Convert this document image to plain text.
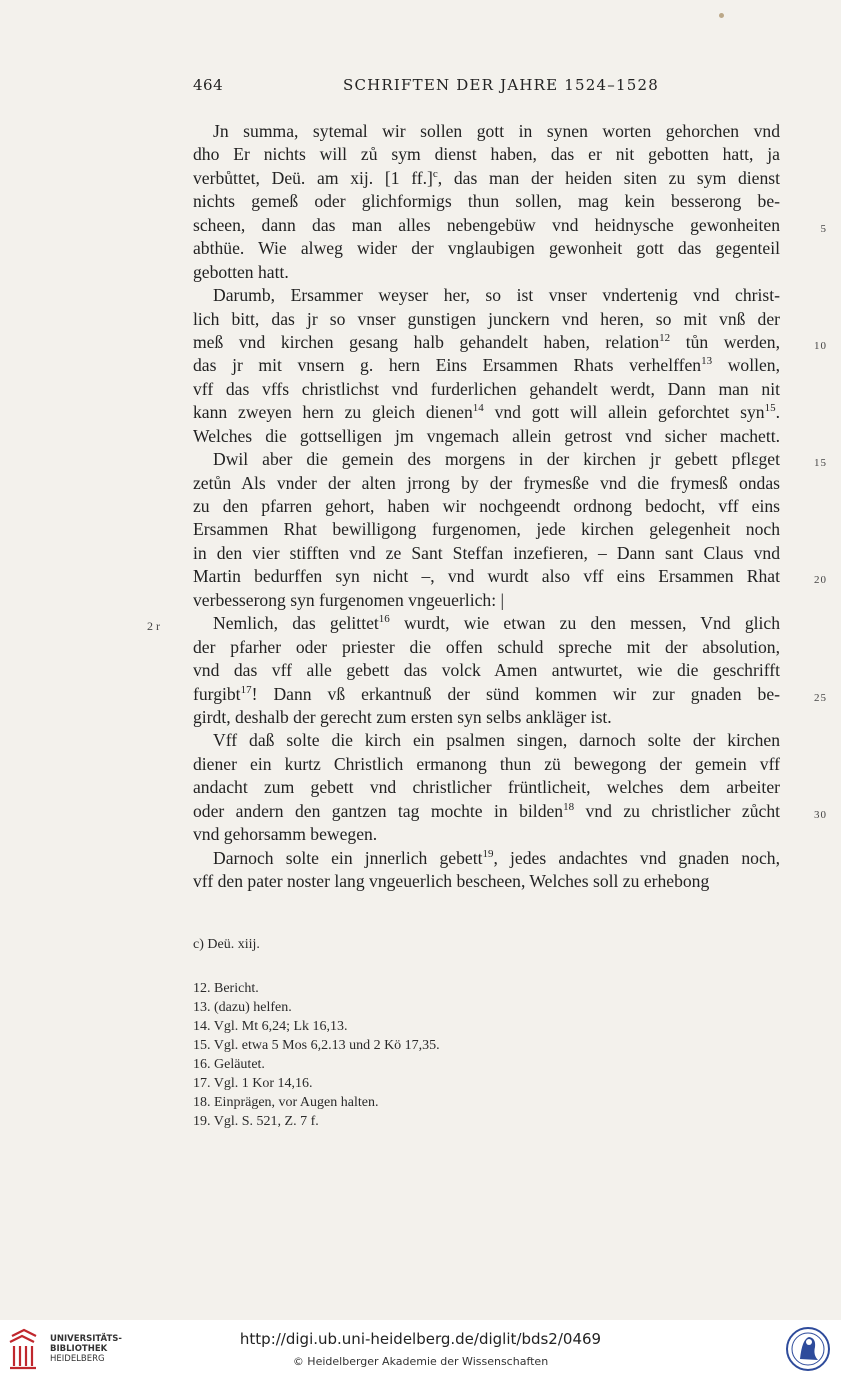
464	SCHRIFTEN DER JAHRE 1524–1528
Jn summa, sytemal wir sollen gott in synen worten gehorchen vnd
dho Er nichts will zů sym dienst haben, das er nit gebotten hatt, ja
verbůttet, Deü. am xij. [1 ff.]$^c$, das man der heiden siten zu sym dienst
nichts gemeß oder glichformigs thun sollen, mag kein besserong be-
scheen, dann das man alles nebengebüw vnd heidnysche gewonheiten	5
abthüe. Wie alweg wider der vnglaubigen gewonheit gott das gegenteil
gebotten hatt.
Darumb, Ersammer weyser her, so ist vnser vndertenig vnd christ-
lich bitt, das jr so vnser gunstigen junckern vnd heren, so mit vnß der
meß vnd kirchen gesang halb gehandelt haben, relation$^{12}$ tůn werden,	10
das jr mit vnsern g. hern Eins Ersammen Rhats verhelffen$^{13}$ wollen,
vff das vffs christlichst vnd furderlichen gehandelt werdt, Dann man nit
kann zweyen hern zu gleich dienen$^{14}$ vnd gott will allein geforchtet syn$^{15}$.
Welches die gottselligen jm vngemach allein getrost vnd sicher machett.
Dwil aber die gemein des morgens in der kirchen jr gebett pflεget	15
zetůn Als vnder der alten jrrong by der frymesße vnd die frymesß ondas
zu den pfarren gehort, haben wir nochgeendt ordnong bedocht, vff eins
Ersammen Rhat bewilligong furgenomen, jede kirchen gelegenheit noch
in den vier stifften vnd ze Sant Steffan inzefieren, – Dann sant Claus vnd
Martin bedurffen syn nicht –, vnd wurdt also vff eins Ersammen Rhat	20
verbesserong syn furgenomen vngeuerlich: |
Nemlich, das gelittet$^{16}$ wurdt, wie etwan zu den messen, Vnd glich
2 r
der pfarher oder priester die offen schuld spreche mit der absolution,
vnd das vff alle gebett das volck Amen antwurtet, wie die geschrifft
furgibt$^{17}$! Dann vß erkantnuß der sünd kommen wir zur gnaden be-	25
girdt, deshalb der gerecht zum ersten syn selbs ankläger ist.
Vff daß solte die kirch ein psalmen singen, darnoch solte der kirchen
diener ein kurtz Christlich ermanong thun zü bewegong der gemein vff
andacht zum gebett vnd christlicher früntlicheit, welches dem arbeiter
oder andern den gantzen tag mochte in bilden$^{18}$ vnd zu christlicher zůcht	30
vnd gehorsamm bewegen.
Darnoch solte ein jnnerlich gebett$^{19}$, jedes andachtes vnd gnaden noch,
vff den pater noster lang vngeuerlich bescheen, Welches soll zu erhebong
c) Deü. xiij.
12. Bericht.
13. (dazu) helfen.
14. Vgl. Mt 6,24; Lk 16,13.
15. Vgl. etwa 5 Mos 6,2.13 und 2 Kö 17,35.
16. Geläutet.
17. Vgl. 1 Kor 14,16.
18. Einprägen, vor Augen halten.
19. Vgl. S. 521, Z. 7 f.
UNIVERSITÄTS-
BIBLIOTHEK
HEIDELBERG
http://digi.ub.uni-heidelberg.de/diglit/bds2/0469
© Heidelberger Akademie der Wissenschaften
